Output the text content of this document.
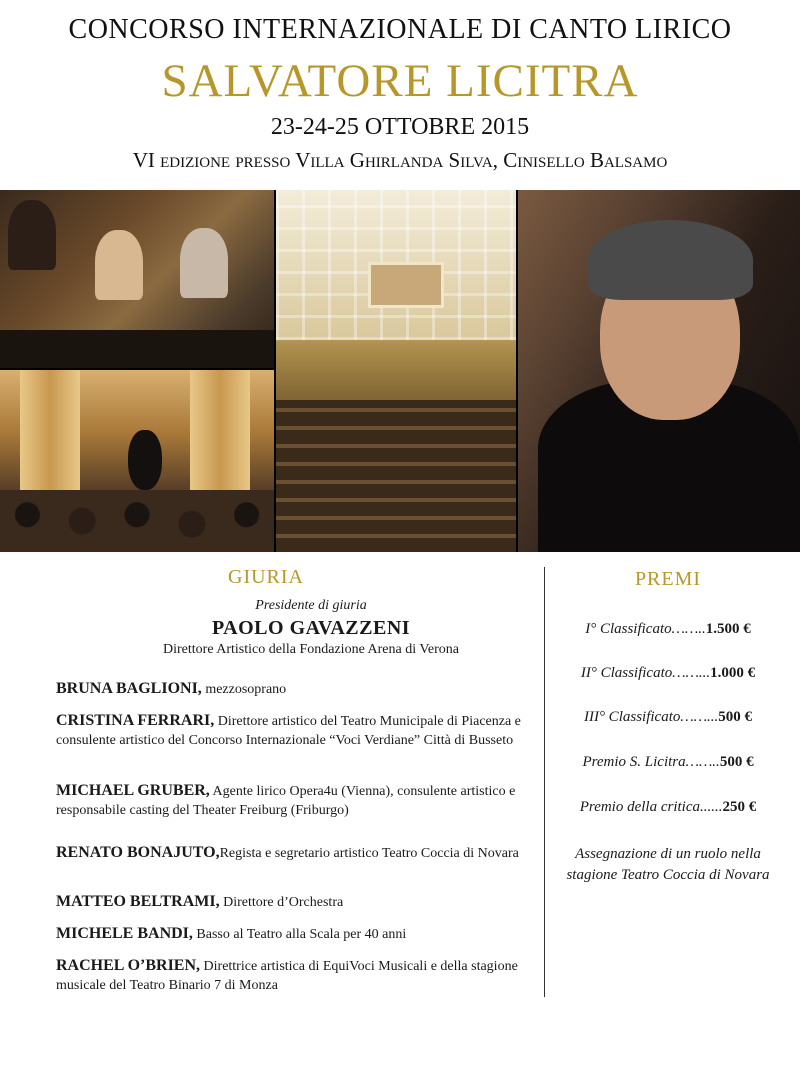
CONCORSO INTERNAZIONALE DI CANTO LIRICO
SALVATORE LICITRA
23-24-25 OTTOBRE 2015
VI edizione presso Villa Ghirlanda Silva, Cinisello Balsamo
GIURIA
Presidente di giuria
PAOLO GAVAZZENI
Direttore Artistico della Fondazione Arena di Verona
BRUNA BAGLIONI, mezzosoprano
CRISTINA FERRARI, Direttore artistico del Teatro Municipale di Piacenza e consulente artistico del Concorso Internazionale “Voci Verdiane” Città di Busseto
MICHAEL GRUBER, Agente lirico Opera4u (Vienna), consulente artistico e responsabile casting del Theater Freiburg (Friburgo)
RENATO BONAJUTO,Regista e segretario artistico Teatro Coccia di Novara
MATTEO BELTRAMI, Direttore d’Orchestra
MICHELE BANDI, Basso al Teatro alla Scala per 40 anni
RACHEL O’BRIEN, Direttrice artistica di EquiVoci Musicali e della stagione musicale del Teatro Binario 7 di Monza
PREMI
I° Classificato……..1.500 €
II° Classificato……...1.000 €
III° Classificato……...500 €
Premio S. Licitra……..500 €
Premio della critica......250 €
Assegnazione di un ruolo nella stagione Teatro Coccia di Novara
